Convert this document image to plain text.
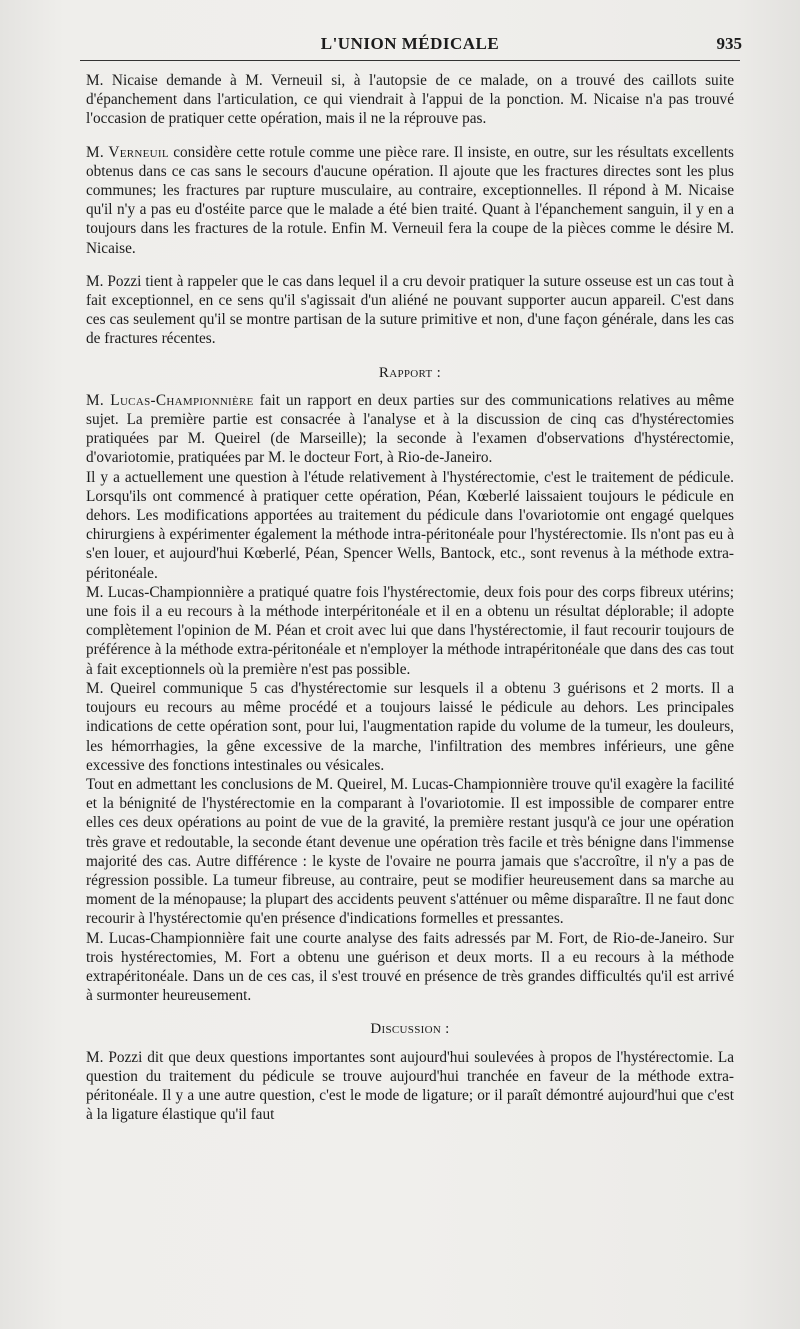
L'UNION MÉDICALE	935

M. Nicaise demande à M. Verneuil si, à l'autopsie de ce malade, on a trouvé des caillots suite d'épanchement dans l'articulation, ce qui viendrait à l'appui de la ponction. M. Nicaise n'a pas trouvé l'occasion de pratiquer cette opération, mais il ne la réprouve pas.

M. Verneuil considère cette rotule comme une pièce rare. Il insiste, en outre, sur les résultats excellents obtenus dans ce cas sans le secours d'aucune opération. Il ajoute que les fractures directes sont les plus communes; les fractures par rupture musculaire, au contraire, exceptionnelles. Il répond à M. Nicaise qu'il n'y a pas eu d'ostéite parce que le malade a été bien traité. Quant à l'épanchement sanguin, il y en a toujours dans les fractures de la rotule. Enfin M. Verneuil fera la coupe de la pièces comme le désire M. Nicaise.

M. Pozzi tient à rappeler que le cas dans lequel il a cru devoir pratiquer la suture osseuse est un cas tout à fait exceptionnel, en ce sens qu'il s'agissait d'un aliéné ne pouvant supporter aucun appareil. C'est dans ces cas seulement qu'il se montre partisan de la suture primitive et non, d'une façon générale, dans les cas de fractures récentes.

Rapport :

M. Lucas-Championnière fait un rapport en deux parties sur des communications relatives au même sujet. La première partie est consacrée à l'analyse et à la discussion de cinq cas d'hystérectomies pratiquées par M. Queirel (de Marseille); la seconde à l'examen d'observations d'hystérectomie, d'ovariotomie, pratiquées par M. le docteur Fort, à Rio-de-Janeiro.

Il y a actuellement une question à l'étude relativement à l'hystérectomie, c'est le traitement de pédicule. Lorsqu'ils ont commencé à pratiquer cette opération, Péan, Kœberlé laissaient toujours le pédicule en dehors. Les modifications apportées au traitement du pédicule dans l'ovariotomie ont engagé quelques chirurgiens à expérimenter également la méthode intra-péritonéale pour l'hystérectomie. Ils n'ont pas eu à s'en louer, et aujourd'hui Kœberlé, Péan, Spencer Wells, Bantock, etc., sont revenus à la méthode extra-péritonéale.

M. Lucas-Championnière a pratiqué quatre fois l'hystérectomie, deux fois pour des corps fibreux utérins; une fois il a eu recours à la méthode interpéritonéale et il en a obtenu un résultat déplorable; il adopte complètement l'opinion de M. Péan et croit avec lui que dans l'hystérectomie, il faut recourir toujours de préférence à la méthode extra-péritonéale et n'employer la méthode intrapéritonéale que dans des cas tout à fait exceptionnels où la première n'est pas possible.

M. Queirel communique 5 cas d'hystérectomie sur lesquels il a obtenu 3 guérisons et 2 morts. Il a toujours eu recours au même procédé et a toujours laissé le pédicule au dehors. Les principales indications de cette opération sont, pour lui, l'augmentation rapide du volume de la tumeur, les douleurs, les hémorrhagies, la gêne excessive de la marche, l'infiltration des membres inférieurs, une gêne excessive des fonctions intestinales ou vésicales.

Tout en admettant les conclusions de M. Queirel, M. Lucas-Championnière trouve qu'il exagère la facilité et la bénignité de l'hystérectomie en la comparant à l'ovariotomie. Il est impossible de comparer entre elles ces deux opérations au point de vue de la gravité, la première restant jusqu'à ce jour une opération très grave et redoutable, la seconde étant devenue une opération très facile et très bénigne dans l'immense majorité des cas. Autre différence : le kyste de l'ovaire ne pourra jamais que s'accroître, il n'y a pas de régression possible. La tumeur fibreuse, au contraire, peut se modifier heureusement dans sa marche au moment de la ménopause; la plupart des accidents peuvent s'atténuer ou même disparaître. Il ne faut donc recourir à l'hystérectomie qu'en présence d'indications formelles et pressantes.

M. Lucas-Championnière fait une courte analyse des faits adressés par M. Fort, de Rio-de-Janeiro. Sur trois hystérectomies, M. Fort a obtenu une guérison et deux morts. Il a eu recours à la méthode extrapéritonéale. Dans un de ces cas, il s'est trouvé en présence de très grandes difficultés qu'il est arrivé à surmonter heureusement.

Discussion :

M. Pozzi dit que deux questions importantes sont aujourd'hui soulevées à propos de l'hystérectomie. La question du traitement du pédicule se trouve aujourd'hui tranchée en faveur de la méthode extra-péritonéale. Il y a une autre question, c'est le mode de ligature; or il paraît démontré aujourd'hui que c'est à la ligature élastique qu'il faut
